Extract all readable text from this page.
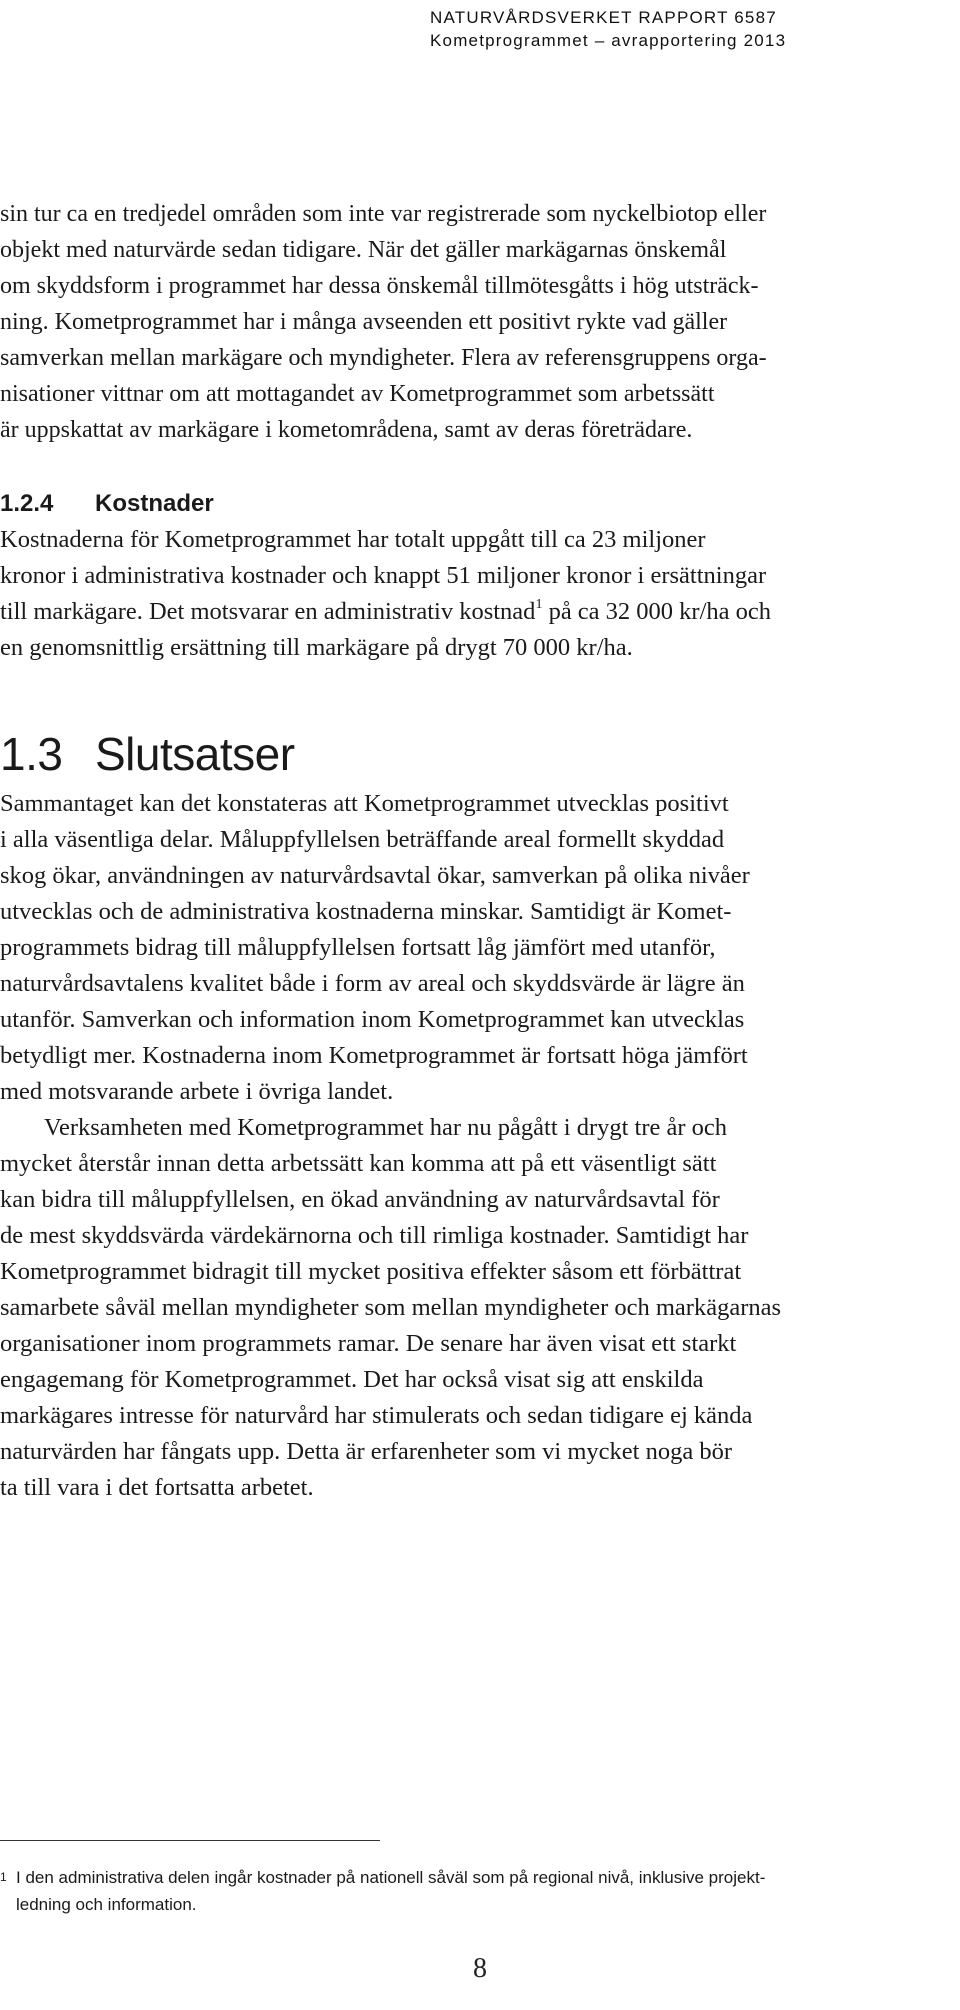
NATURVÅRDSVERKET RAPPORT 6587
Kometprogrammet – avrapportering 2013

sin tur ca en tredjedel områden som inte var registrerade som nyckelbiotop eller
objekt med naturvärde sedan tidigare. När det gäller markägarnas önskemål
om skyddsform i programmet har dessa önskemål tillmötesgåtts i hög utsträck-
ning. Kometprogrammet har i många avseenden ett positivt rykte vad gäller
samverkan mellan markägare och myndigheter. Flera av referensgruppens orga-
nisationer vittnar om att mottagandet av Kometprogrammet som arbetssätt
är uppskattat av markägare i kometområdena, samt av deras företrädare.

1.2.4 Kostnader

Kostnaderna för Kometprogrammet har totalt uppgått till ca 23 miljoner
kronor i administrativa kostnader och knappt 51 miljoner kronor i ersättningar
till markägare. Det motsvarar en administrativ kostnad$^1$ på ca 32 000 kr/ha och
en genomsnittlig ersättning till markägare på drygt 70 000 kr/ha.

1.3 Slutsatser

Sammantaget kan det konstateras att Kometprogrammet utvecklas positivt
i alla väsentliga delar. Måluppfyllelsen beträffande areal formellt skyddad
skog ökar, användningen av naturvårdsavtal ökar, samverkan på olika nivåer
utvecklas och de administrativa kostnaderna minskar. Samtidigt är Komet-
programmets bidrag till måluppfyllelsen fortsatt låg jämfört med utanför,
naturvårdsavtalens kvalitet både i form av areal och skyddsvärde är lägre än
utanför. Samverkan och information inom Kometprogrammet kan utvecklas
betydligt mer. Kostnaderna inom Kometprogrammet är fortsatt höga jämfört
med motsvarande arbete i övriga landet.

Verksamheten med Kometprogrammet har nu pågått i drygt tre år och
mycket återstår innan detta arbetssätt kan komma att på ett väsentligt sätt
kan bidra till måluppfyllelsen, en ökad användning av naturvårdsavtal för
de mest skyddsvärda värdekärnorna och till rimliga kostnader. Samtidigt har
Kometprogrammet bidragit till mycket positiva effekter såsom ett förbättrat
samarbete såväl mellan myndigheter som mellan myndigheter och markägarnas
organisationer inom programmets ramar. De senare har även visat ett starkt
engagemang för Kometprogrammet. Det har också visat sig att enskilda
markägares intresse för naturvård har stimulerats och sedan tidigare ej kända
naturvärden har fångats upp. Detta är erfarenheter som vi mycket noga bör
ta till vara i det fortsatta arbetet.

1 I den administrativa delen ingår kostnader på nationell såväl som på regional nivå, inklusive projekt-
ledning och information.
8
